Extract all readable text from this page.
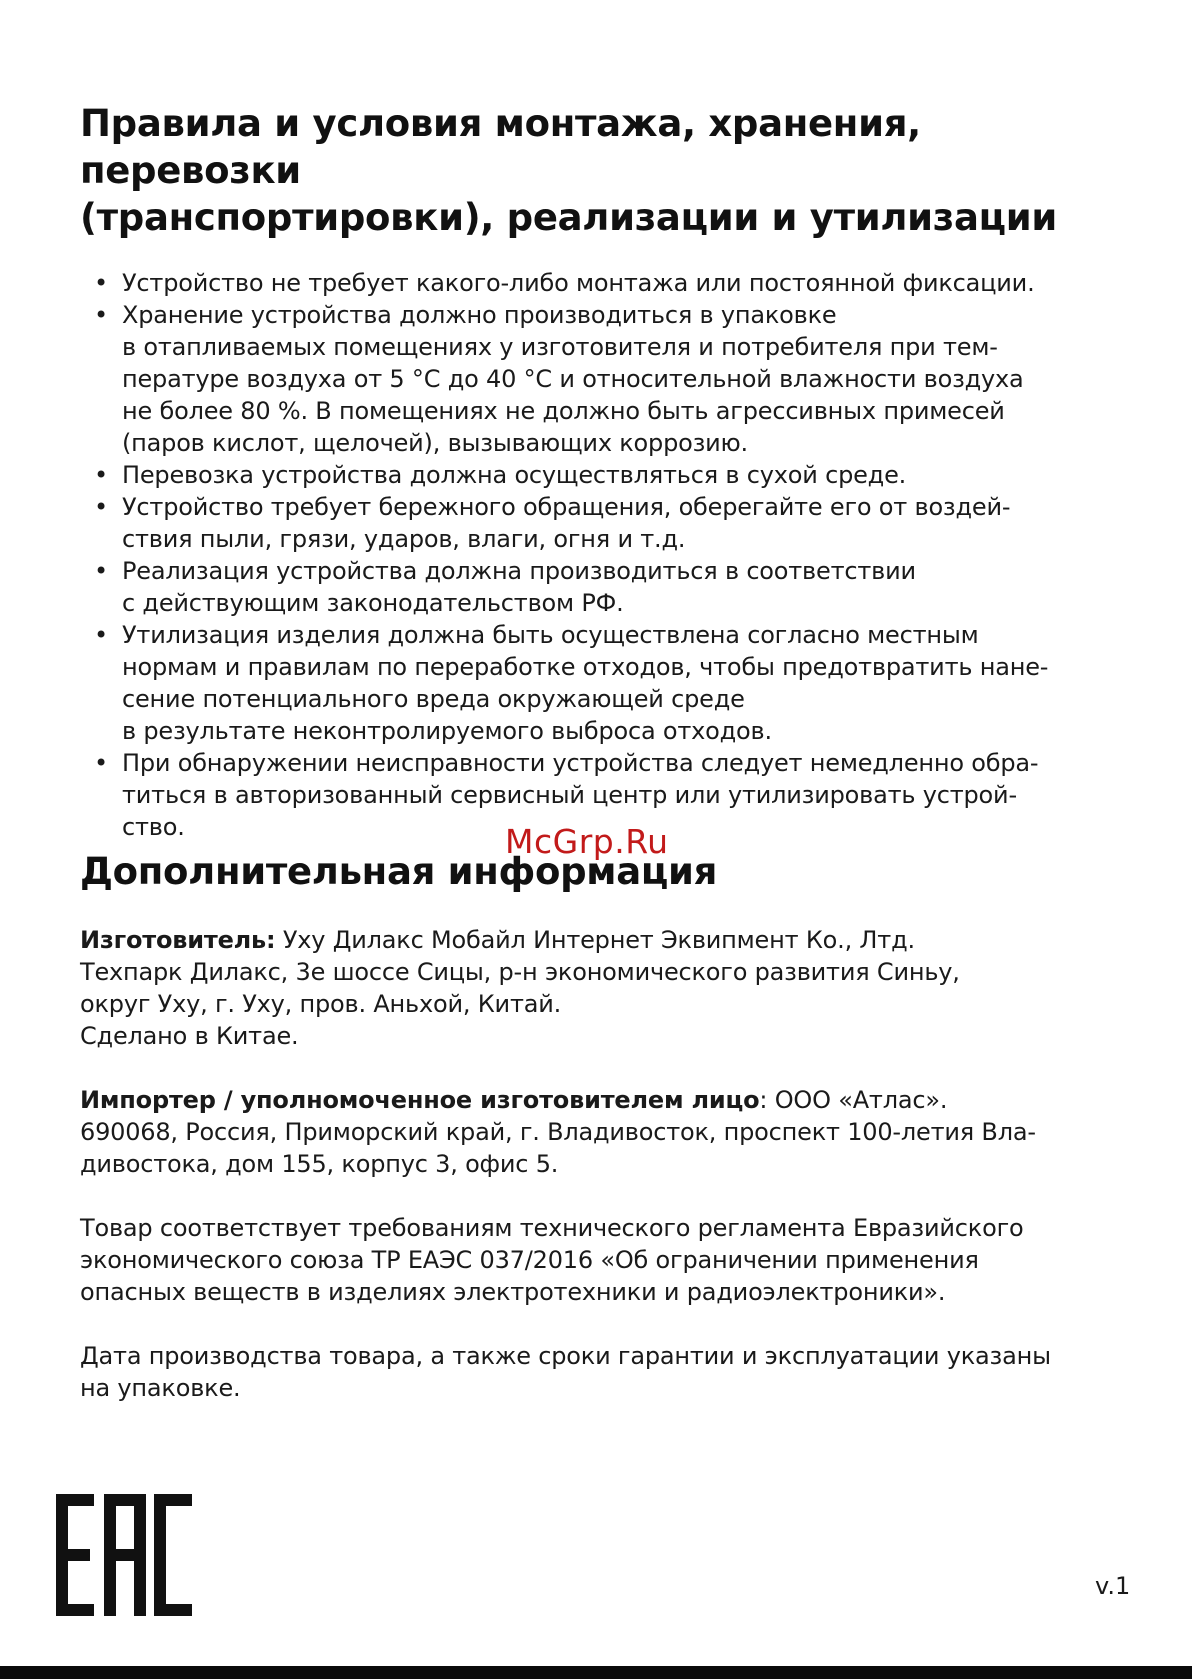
Правила и условия монтажа, хранения, перевозки
(транспортировки), реализации и утилизации
• Устройство не требует какого-либо монтажа или постоянной фиксации.
• Хранение устройства должно производиться в упаковке
в отапливаемых помещениях у изготовителя и потребителя при тем-
пературе воздуха от 5 °C до 40 °C и относительной влажности воздуха
не более 80 %. В помещениях не должно быть агрессивных примесей
(паров кислот, щелочей), вызывающих коррозию.
• Перевозка устройства должна осуществляться в сухой среде.
• Устройство требует бережного обращения, оберегайте его от воздей-
ствия пыли, грязи, ударов, влаги, огня и т.д.
• Реализация устройства должна производиться в соответствии
с действующим законодательством РФ.
• Утилизация изделия должна быть осуществлена согласно местным
нормам и правилам по переработке отходов, чтобы предотвратить нане-
сение потенциального вреда окружающей среде
в результате неконтролируемого выброса отходов.
• При обнаружении неисправности устройства следует немедленно обра-
титься в авторизованный сервисный центр или утилизировать устрой-
ство.	McGrp.Ru
Дополнительная информация

Изготовитель: Уху Дилакс Мобайл Интернет Эквипмент Ко., Лтд.
Техпарк Дилакс, 3е шоссе Сицы, р-н экономического развития Синьу,
округ Уху, г. Уху, пров. Аньхой, Китай.
Сделано в Китае.

Импортер / уполномоченное изготовителем лицо: ООО «Атлас».
690068, Россия, Приморский край, г. Владивосток, проспект 100-летия Вла-
дивостока, дом 155, корпус 3, офис 5.

Товар соответствует требованиям технического регламента Евразийского
экономического союза ТР ЕАЭС 037/2016 «Об ограничении применения
опасных веществ в изделиях электротехники и радиоэлектроники».

Дата производства товара, а также сроки гарантии и эксплуатации указаны
на упаковке.

v.1
